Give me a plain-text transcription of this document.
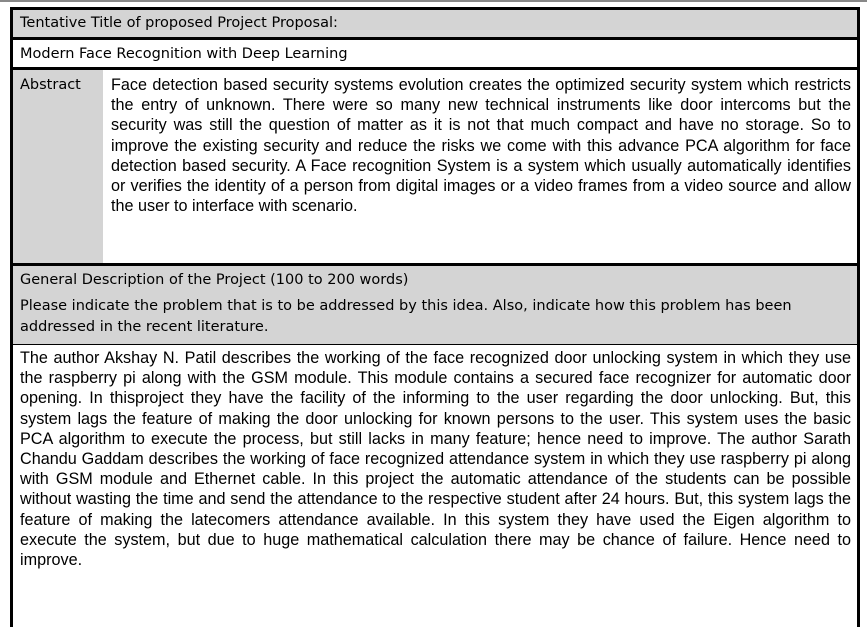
Tentative Title of proposed Project Proposal:
Modern Face Recognition with Deep Learning
Abstract	Face detection based security systems evolution creates the optimized security system which restricts the entry of unknown. There were so many new technical instruments like door intercoms but the security was still the question of matter as it is not that much compact and have no storage. So to improve the existing security and reduce the risks we come with this advance PCA algorithm for face detection based security. A Face recognition System is a system which usually automatically identifies or verifies the identity of a person from digital images or a video frames from a video source and allow the user to interface with scenario.

General Description of the Project (100 to 200 words)
Please indicate the problem that is to be addressed by this idea. Also, indicate how this problem has been addressed in the recent literature.

The author Akshay N. Patil describes the working of the face recognized door unlocking system in which they use the raspberry pi along with the GSM module. This module contains a secured face recognizer for automatic door opening. In thisproject they have the facility of the informing to the user regarding the door unlocking. But, this system lags the feature of making the door unlocking for known persons to the user. This system uses the basic PCA algorithm to execute the process, but still lacks in many feature; hence need to improve. The author Sarath Chandu Gaddam describes the working of face recognized attendance system in which they use raspberry pi along with GSM module and Ethernet cable. In this project the automatic attendance of the students can be possible without wasting the time and send the attendance to the respective student after 24 hours. But, this system lags the feature of making the latecomers attendance available. In this system they have used the Eigen algorithm to execute the system, but due to huge mathematical calculation there may be chance of failure. Hence need to improve.
